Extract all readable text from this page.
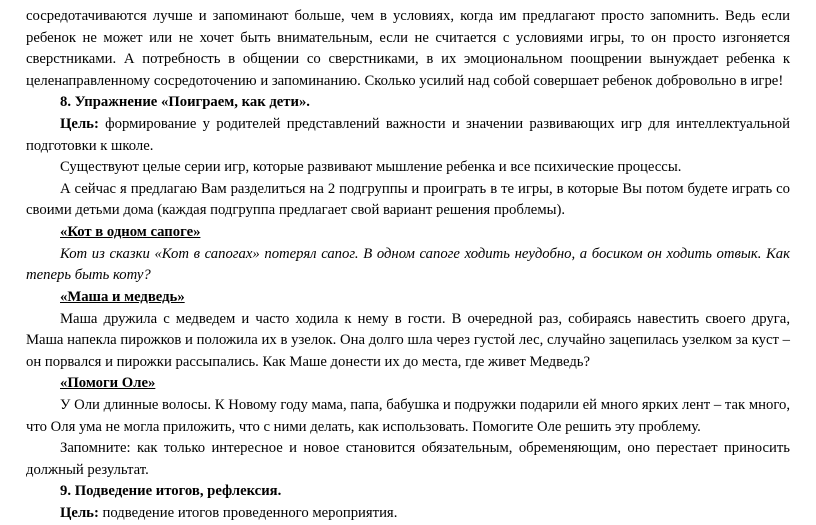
сосредотачиваются лучше и запоминают больше, чем в условиях, когда им предлагают просто запомнить. Ведь если ребенок не может или не хочет быть внимательным, если не считается с условиями игры, то он просто изгоняется сверстниками. А потребность в общении со сверстниками, в их эмоциональном поощрении вынуждает ребенка к целенаправленному сосредоточению и запоминанию. Сколько усилий над собой совершает ребенок добровольно в игре!

8. Упражнение «Поиграем, как дети».

Цель: формирование у родителей представлений важности и значении развивающих игр для интеллектуальной подготовки к школе.

Существуют целые серии игр, которые развивают мышление ребенка и все психические процессы.

А сейчас я предлагаю Вам разделиться на 2 подгруппы и проиграть в те игры, в которые Вы потом будете играть со своими детьми дома (каждая подгруппа предлагает свой вариант решения проблемы).

«Кот в одном сапоге»

Кот из сказки «Кот в сапогах» потерял сапог. В одном сапоге ходить неудобно, а босиком он ходить отвык. Как теперь быть коту?

«Маша и медведь»

Маша дружила с медведем и часто ходила к нему в гости. В очередной раз, собираясь навестить своего друга, Маша напекла пирожков и положила их в узелок. Она долго шла через густой лес, случайно зацепилась узелком за куст – он порвался и пирожки рассыпались. Как Маше донести их до места, где живет Медведь?

«Помоги Оле»

У Оли длинные волосы. К Новому году мама, папа, бабушка и подружки подарили ей много ярких лент – так много, что Оля ума не могла приложить, что с ними делать, как использовать. Помогите Оле решить эту проблему.

Запомните: как только интересное и новое становится обязательным, обременяющим, оно перестает приносить должный результат.

9. Подведение итогов, рефлексия.

Цель: подведение итогов проведенного мероприятия.
